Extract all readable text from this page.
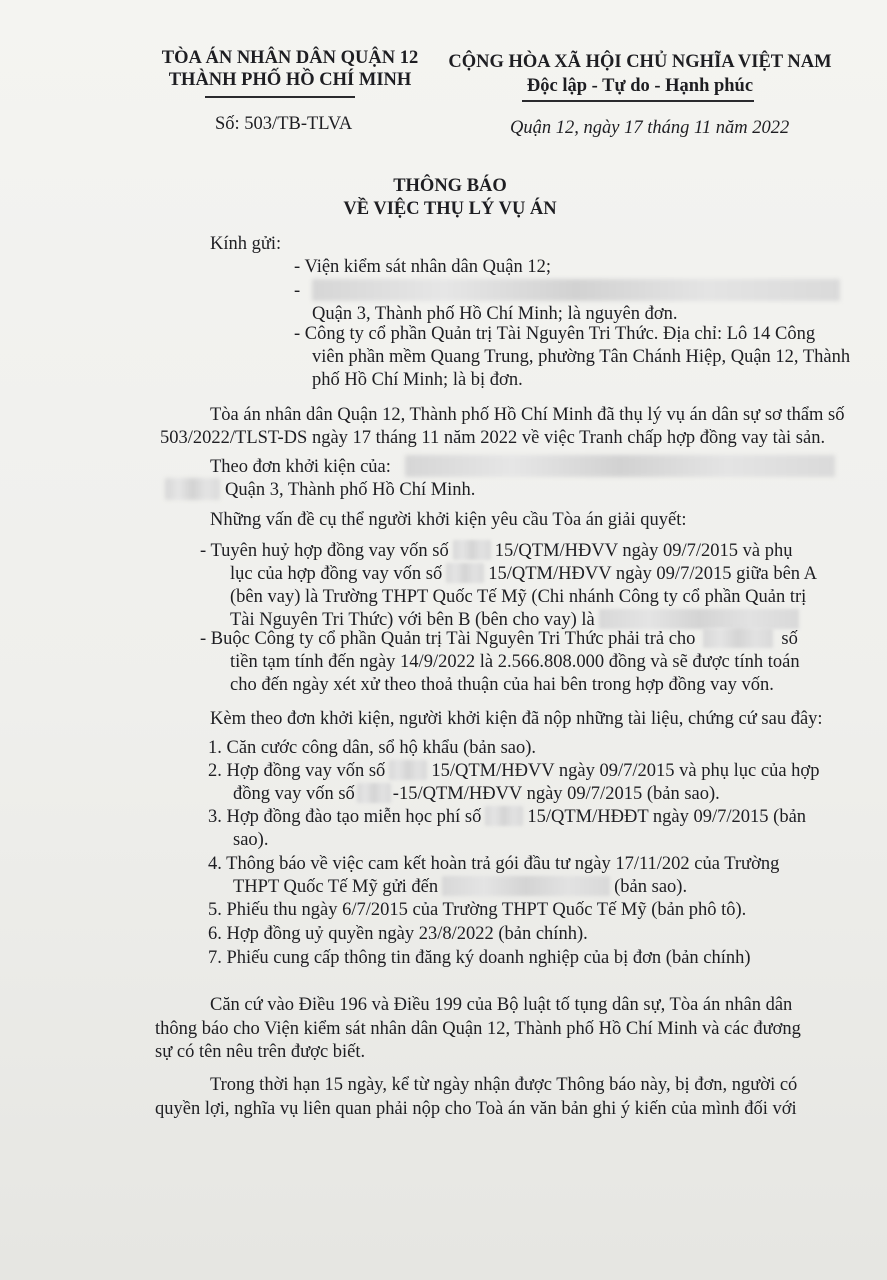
TÒA ÁN NHÂN DÂN QUẬN 12
THÀNH PHỐ HỒ CHÍ MINH
CỘNG HÒA XÃ HỘI CHỦ NGHĨA VIỆT NAM
Độc lập - Tự do - Hạnh phúc
Số: 503/TB-TLVA	Quận 12, ngày 17 tháng 11 năm 2022
THÔNG BÁO
VỀ VIỆC THỤ LÝ VỤ ÁN
Kính gửi:
- Viện kiểm sát nhân dân Quận 12;
-
Quận 3, Thành phố Hồ Chí Minh; là nguyên đơn.
- Công ty cổ phần Quản trị Tài Nguyên Tri Thức. Địa chỉ: Lô 14 Công
viên phần mềm Quang Trung, phường Tân Chánh Hiệp, Quận 12, Thành
phố Hồ Chí Minh; là bị đơn.
Tòa án nhân dân Quận 12, Thành phố Hồ Chí Minh đã thụ lý vụ án dân sự sơ thẩm số
503/2022/TLST-DS ngày 17 tháng 11 năm 2022 về việc Tranh chấp hợp đồng vay tài sản.
Theo đơn khởi kiện của:
Quận 3, Thành phố Hồ Chí Minh.
Những vấn đề cụ thể người khởi kiện yêu cầu Tòa án giải quyết:
- Tuyên huỷ hợp đồng vay vốn số 15/QTM/HĐVV ngày 09/7/2015 và phụ
lục của hợp đồng vay vốn số 15/QTM/HĐVV ngày 09/7/2015 giữa bên A
(bên vay) là Trường THPT Quốc Tế Mỹ (Chi nhánh Công ty cổ phần Quản trị
Tài Nguyên Tri Thức) với bên B (bên cho vay) là
- Buộc Công ty cổ phần Quản trị Tài Nguyên Tri Thức phải trả cho	số
tiền tạm tính đến ngày 14/9/2022 là 2.566.808.000 đồng và sẽ được tính toán
cho đến ngày xét xử theo thoả thuận của hai bên trong hợp đồng vay vốn.
Kèm theo đơn khởi kiện, người khởi kiện đã nộp những tài liệu, chứng cứ sau đây:
1. Căn cước công dân, sổ hộ khẩu (bản sao).
2. Hợp đồng vay vốn số 15/QTM/HĐVV ngày 09/7/2015 và phụ lục của hợp
đồng vay vốn số -15/QTM/HĐVV ngày 09/7/2015 (bản sao).
3. Hợp đồng đào tạo miễn học phí số 15/QTM/HĐĐT ngày 09/7/2015 (bản
sao).
4. Thông báo về việc cam kết hoàn trả gói đầu tư ngày 17/11/202 của Trường
THPT Quốc Tế Mỹ gửi đến	(bản sao).
5. Phiếu thu ngày 6/7/2015 của Trường THPT Quốc Tế Mỹ (bản phô tô).
6. Hợp đồng uỷ quyền ngày 23/8/2022 (bản chính).
7. Phiếu cung cấp thông tin đăng ký doanh nghiệp của bị đơn (bản chính)
Căn cứ vào Điều 196 và Điều 199 của Bộ luật tố tụng dân sự, Tòa án nhân dân
thông báo cho Viện kiểm sát nhân dân Quận 12, Thành phố Hồ Chí Minh và các đương
sự có tên nêu trên được biết.
Trong thời hạn 15 ngày, kể từ ngày nhận được Thông báo này, bị đơn, người có
quyền lợi, nghĩa vụ liên quan phải nộp cho Toà án văn bản ghi ý kiến của mình đối với
